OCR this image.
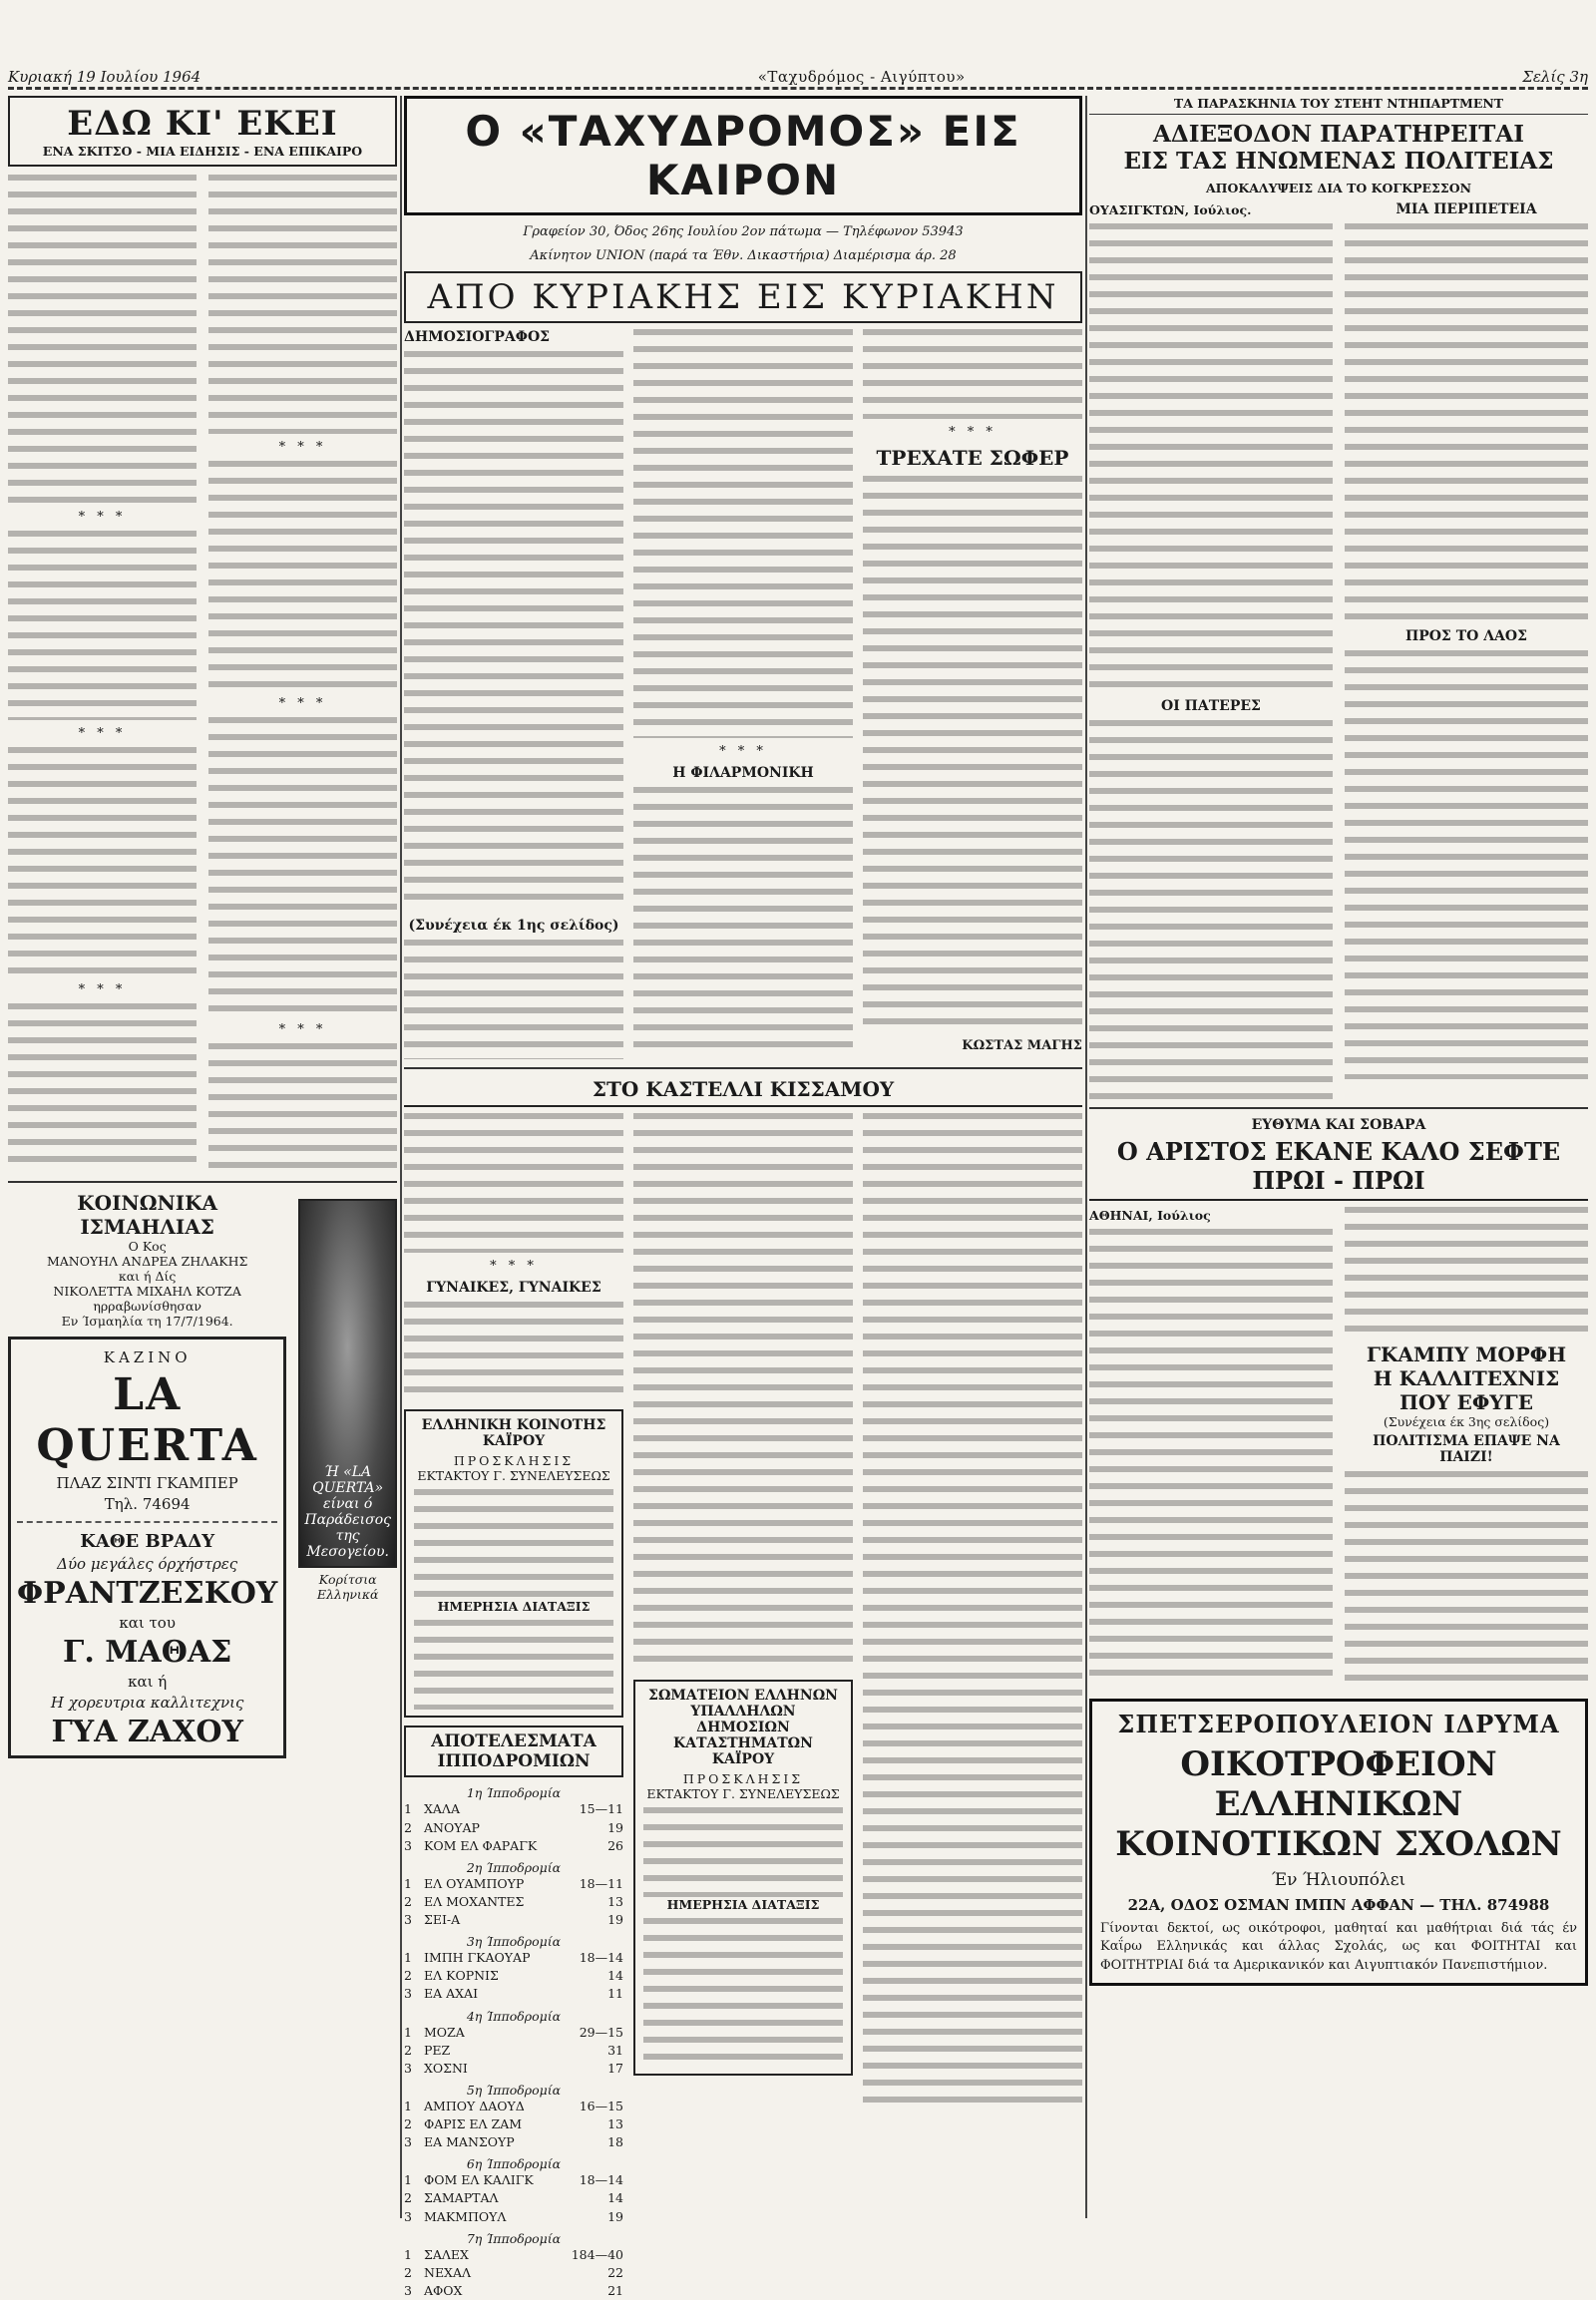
Κυριακή 19 Ιουλίου 1964	«Ταχυδρόμος - Αιγύπτου»	Σελίς 3η
ΕΔΩ ΚΙ' ΕΚΕΙ
ΕΝΑ ΣΚΙΤΣΟ - ΜΙΑ ΕΙΔΗΣΙΣ - ΕΝΑ ΕΠΙΚΑΙΡΟ
* * *
* * *
* * *
* * *
* * *
* * *
ΚΟΙΝΩΝΙΚΑ ΙΣΜΑΗΛΙΑΣ
Ο Κος
ΜΑΝΟΥΗΛ ΑΝΔΡΕΑ ΖΗΛΑΚΗΣ
και ή Δίς
ΝΙΚΟΛΕΤΤΑ ΜΙΧΑΗΛ ΚΟΤΖΑ
ηρραβωνίσθησαν
Εν Ίσμαηλία τη 17/7/1964.
ΚΑΖΙΝΟ
LA QUERTA
ΠΛΑΖ ΣΙΝΤΙ ΓΚΑΜΠΕΡ
Τηλ. 74694
ΚΑΘΕ ΒΡΑΔΥ
Δύο μεγάλες όρχήστρες
ΦΡΑΝΤΖΕΣΚΟΥ
και του
Γ. ΜΑΘΑΣ
και ή
Η χορευτρια καλλιτεχνις
ΓΥΑ ΖΑΧΟΥ
Ή «LA QUERTA» είναι ό Παράδεισος της Μεσογείου.
Κορίτσια Ελληνικά
Ο «ΤΑΧΥΔΡΟΜΟΣ» ΕΙΣ ΚΑΙΡΟΝ
Γραφείον 30, Όδος 26ης Ιουλίου 2ον πάτωμα — Τηλέφωνον 53943
Ακίνητον UNION (παρά τα Έθν. Δικαστήρια) Διαμέρισμα άρ. 28
ΑΠΟ ΚΥΡΙΑΚΗΣ ΕΙΣ ΚΥΡΙΑΚΗΝ
ΔΗΜΟΣΙΟΓΡΑΦΟΣ
(Συνέχεια έκ 1ης σελίδος)
* * *
Η ΦΙΛΑΡΜΟΝΙΚΗ
* * *
ΤΡΕΧΑΤΕ ΣΩΦΕΡ
ΚΩΣΤΑΣ ΜΑΓΗΣ
ΣΤΟ ΚΑΣΤΕΛΛΙ ΚΙΣΣΑΜΟΥ
* * *
ΓΥΝΑΙΚΕΣ, ΓΥΝΑΙΚΕΣ
ΕΛΛΗΝΙΚΗ ΚΟΙΝΟΤΗΣ ΚΑΪΡΟΥ
ΠΡΟΣΚΛΗΣΙΣ
ΕΚΤΑΚΤΟΥ Γ. ΣΥΝΕΛΕΥΣΕΩΣ
ΗΜΕΡΗΣΙΑ ΔΙΑΤΑΞΙΣ
ΑΠΟΤΕΛΕΣΜΑΤΑ ΙΠΠΟΔΡΟΜΙΩΝ
1η Ίπποδρομία
1 ΧΑΛΑ	15—11
2 ΑΝΟΥΑΡ	19
3 ΚΟΜ ΕΛ ΦΑΡΑΓΚ	26
2η Ίπποδρομία
1 ΕΛ ΟΥΑΜΠΟΥΡ	18—11
2 ΕΛ ΜΟΧΑΝΤΕΣ	13
3 ΣΕΙ-Α	19
3η Ίπποδρομία
1 ΙΜΠΗ ΓΚΑΟΥΑΡ	18—14
2 ΕΛ ΚΟΡΝΙΣ	14
3 ΕΑ ΑΧΑΙ	11
4η Ίπποδρομία
1 ΜΟΖΑ	29—15
2 ΡΕΖ	31
3 ΧΟΣΝΙ	17
5η Ίπποδρομία
1 ΑΜΠΟΥ ΔΑΟΥΔ	16—15
2 ΦΑΡΙΣ ΕΛ ΖΑΜ	13
3 ΕΑ ΜΑΝΣΟΥΡ	18
6η Ίπποδρομία
1 ΦΟΜ ΕΛ ΚΑΛΙΓΚ	18—14
2 ΣΑΜΑΡΤΑΛ	14
3 ΜΑΚΜΠΟΥΛ	19
7η Ίπποδρομία
1 ΣΑΛΕΧ	184—40
2 ΝΕΧΑΛ	22
3 ΑΦΟΧ	21
ΣΩΜΑΤΕΙΟΝ ΕΛΛΗΝΩΝ ΥΠΑΛΛΗΛΩΝ ΔΗΜΟΣΙΩΝ ΚΑΤΑΣΤΗΜΑΤΩΝ ΚΑΪΡΟΥ
ΠΡΟΣΚΛΗΣΙΣ
ΕΚΤΑΚΤΟΥ Γ. ΣΥΝΕΛΕΥΣΕΩΣ
ΗΜΕΡΗΣΙΑ ΔΙΑΤΑΞΙΣ
ΤΑ ΠΑΡΑΣΚΗΝΙΑ ΤΟΥ ΣΤΕΗΤ ΝΤΗΠΑΡΤΜΕΝΤ
ΑΔΙΕΞΟΔΟΝ ΠΑΡΑΤΗΡΕΙΤΑΙ
ΕΙΣ ΤΑΣ ΗΝΩΜΕΝΑΣ ΠΟΛΙΤΕΙΑΣ
ΑΠΟΚΑΛΥΨΕΙΣ ΔΙΑ ΤΟ ΚΟΓΚΡΕΣΣΟΝ
ΟΥΑΣΙΓΚΤΩΝ, Ιούλιος.
ΟΙ ΠΑΤΕΡΕΣ
ΜΙΑ ΠΕΡΙΠΕΤΕΙΑ
ΠΡΟΣ ΤΟ ΛΑΟΣ
ΕΥΘΥΜΑ ΚΑΙ ΣΟΒΑΡΑ
Ο ΑΡΙΣΤΟΣ ΕΚΑΝΕ ΚΑΛΟ ΣΕΦΤΕ ΠΡΩΙ - ΠΡΩΙ
ΑΘΗΝΑΙ, Ιούλιος
ΓΚΑΜΠΥ ΜΟΡΦΗ
Η ΚΑΛΛΙΤΕΧΝΙΣ ΠΟΥ ΕΦΥΓΕ
(Συνέχεια έκ 3ης σελίδος)
ΠΟΛΙΤΙΣΜΑ ΕΠΑΨΕ ΝΑ ΠΑΙΖΙ!
ΣΠΕΤΣΕΡΟΠΟΥΛΕΙΟΝ ΙΔΡΥΜΑ
ΟΙΚΟΤΡΟΦΕΙΟΝ ΕΛΛΗΝΙΚΩΝ ΚΟΙΝΟΤΙΚΩΝ ΣΧΟΛΩΝ
Έν Ήλιουπόλει
22Α, ΟΔΟΣ ΟΣΜΑΝ ΙΜΠΝ ΑΦΦΑΝ — ΤΗΛ. 874988
Γίνονται δεκτοί, ως οικότροφοι, μαθηταί και μαθήτριαι διά τάς έν Καΐρω Ελληνικάς και άλλας Σχολάς, ως και ΦΟΙΤΗΤΑΙ και ΦΟΙΤΗΤΡΙΑΙ διά τα Αμερικανικόν και Αιγυπτιακόν Πανεπιστήμιον.
